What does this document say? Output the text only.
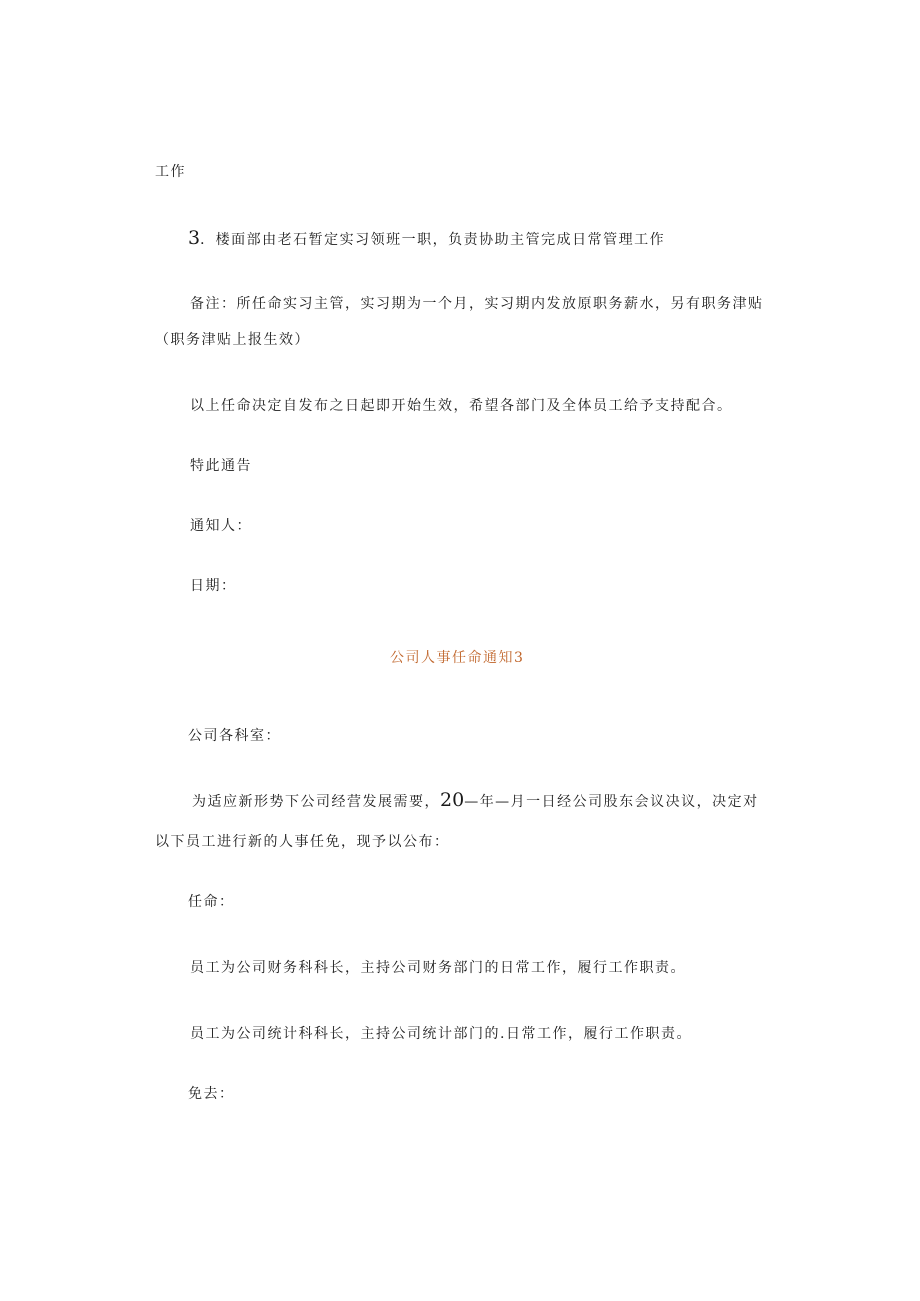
工作
3．楼面部由老石暂定实习领班一职，负责协助主管完成日常管理工作
备注：所任命实习主管，实习期为一个月，实习期内发放原职务薪水，另有职务津贴
（职务津贴上报生效）
以上任命决定自发布之日起即开始生效，希望各部门及全体员工给予支持配合。
特此通告
通知人：
日期：
公司人事任命通知3
公司各科室：
为适应新形势下公司经营发展需要，20—年—月一日经公司股东会议决议，决定对
以下员工进行新的人事任免，现予以公布：
任命：
员工为公司财务科科长，主持公司财务部门的日常工作，履行工作职责。
员工为公司统计科科长，主持公司统计部门的.日常工作，履行工作职责。
免去：
